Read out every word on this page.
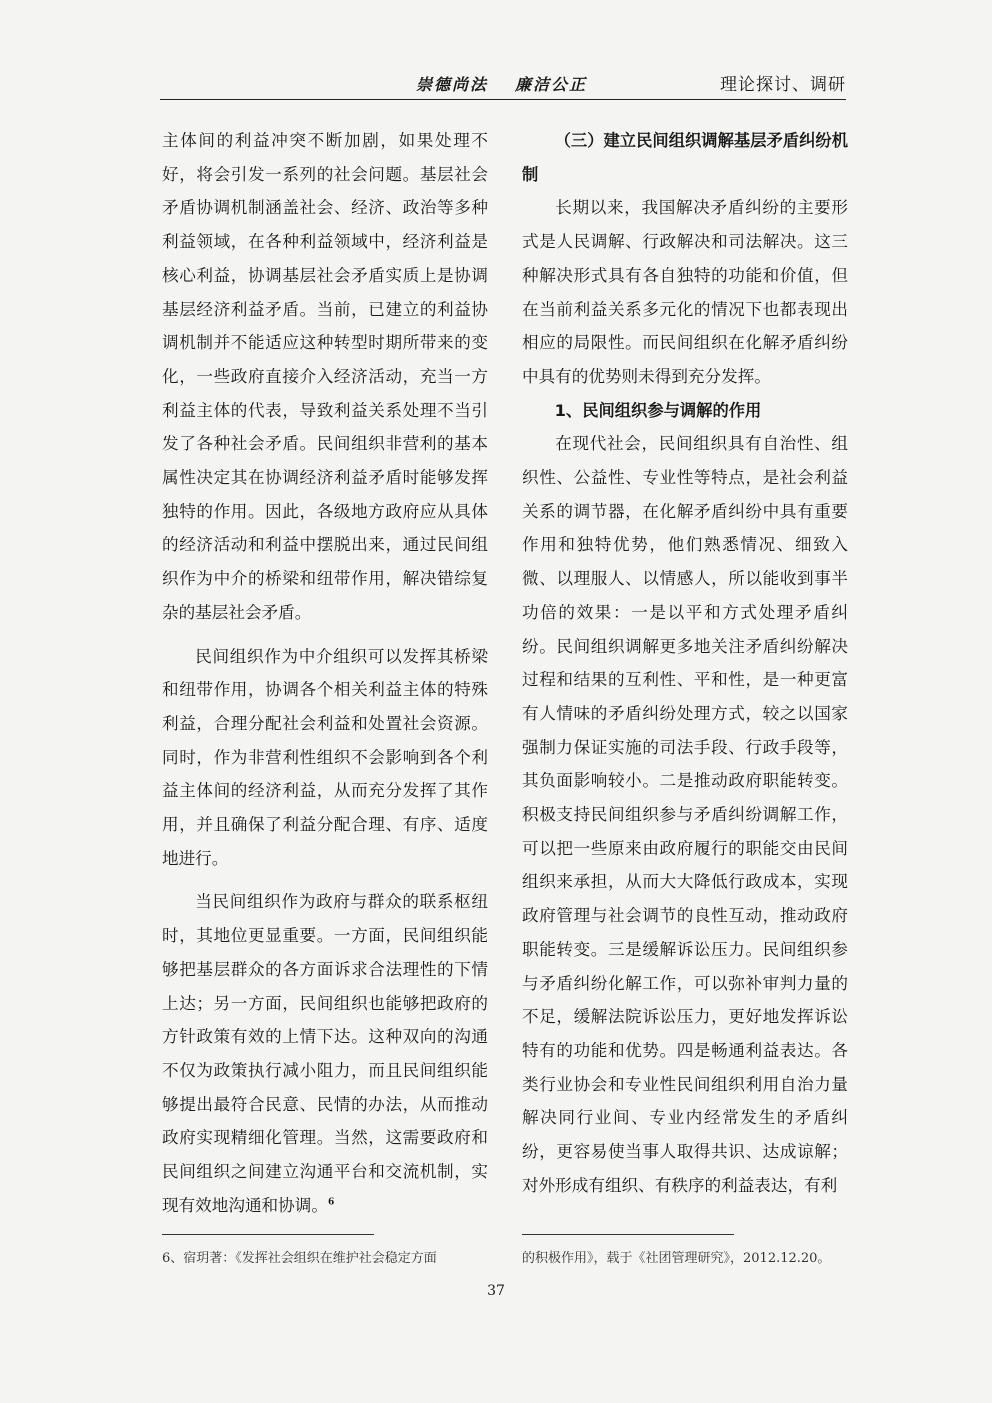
崇德尚法 廉洁公正	理论探讨、调研

主体间的利益冲突不断加剧，如果处理不好，将会引发一系列的社会问题。基层社会矛盾协调机制涵盖社会、经济、政治等多种利益领域，在各种利益领域中，经济利益是核心利益，协调基层社会矛盾实质上是协调基层经济利益矛盾。当前，已建立的利益协调机制并不能适应这种转型时期所带来的变化，一些政府直接介入经济活动，充当一方利益主体的代表，导致利益关系处理不当引发了各种社会矛盾。民间组织非营利的基本属性决定其在协调经济利益矛盾时能够发挥独特的作用。因此，各级地方政府应从具体的经济活动和利益中摆脱出来，通过民间组织作为中介的桥梁和纽带作用，解决错综复杂的基层社会矛盾。

民间组织作为中介组织可以发挥其桥梁和纽带作用，协调各个相关利益主体的特殊利益，合理分配社会利益和处置社会资源。同时，作为非营利性组织不会影响到各个利益主体间的经济利益，从而充分发挥了其作用，并且确保了利益分配合理、有序、适度地进行。

当民间组织作为政府与群众的联系枢纽时，其地位更显重要。一方面，民间组织能够把基层群众的各方面诉求合法理性的下情上达；另一方面，民间组织也能够把政府的方针政策有效的上情下达。这种双向的沟通不仅为政策执行减小阻力，而且民间组织能够提出最符合民意、民情的办法，从而推动政府实现精细化管理。当然，这需要政府和民间组织之间建立沟通平台和交流机制，实现有效地沟通和协调。$^6$

（三）建立民间组织调解基层矛盾纠纷机制

长期以来，我国解决矛盾纠纷的主要形式是人民调解、行政解决和司法解决。这三种解决形式具有各自独特的功能和价值，但在当前利益关系多元化的情况下也都表现出相应的局限性。而民间组织在化解矛盾纠纷中具有的优势则未得到充分发挥。

1、民间组织参与调解的作用

在现代社会，民间组织具有自治性、组织性、公益性、专业性等特点，是社会利益关系的调节器，在化解矛盾纠纷中具有重要作用和独特优势，他们熟悉情况、细致入微、以理服人、以情感人，所以能收到事半功倍的效果：一是以平和方式处理矛盾纠纷。民间组织调解更多地关注矛盾纠纷解决过程和结果的互利性、平和性，是一种更富有人情味的矛盾纠纷处理方式，较之以国家强制力保证实施的司法手段、行政手段等，其负面影响较小。二是推动政府职能转变。积极支持民间组织参与矛盾纠纷调解工作，可以把一些原来由政府履行的职能交由民间组织来承担，从而大大降低行政成本，实现政府管理与社会调节的良性互动，推动政府职能转变。三是缓解诉讼压力。民间组织参与矛盾纠纷化解工作，可以弥补审判力量的不足，缓解法院诉讼压力，更好地发挥诉讼特有的功能和优势。四是畅通利益表达。各类行业协会和专业性民间组织利用自治力量解决同行业间、专业内经常发生的矛盾纠纷，更容易使当事人取得共识、达成谅解；对外形成有组织、有秩序的利益表达，有利

6、宿玥著：《发挥社会组织在维护社会稳定方面	的积极作用》，载于《社团管理研究》，2012.12.20。
37
